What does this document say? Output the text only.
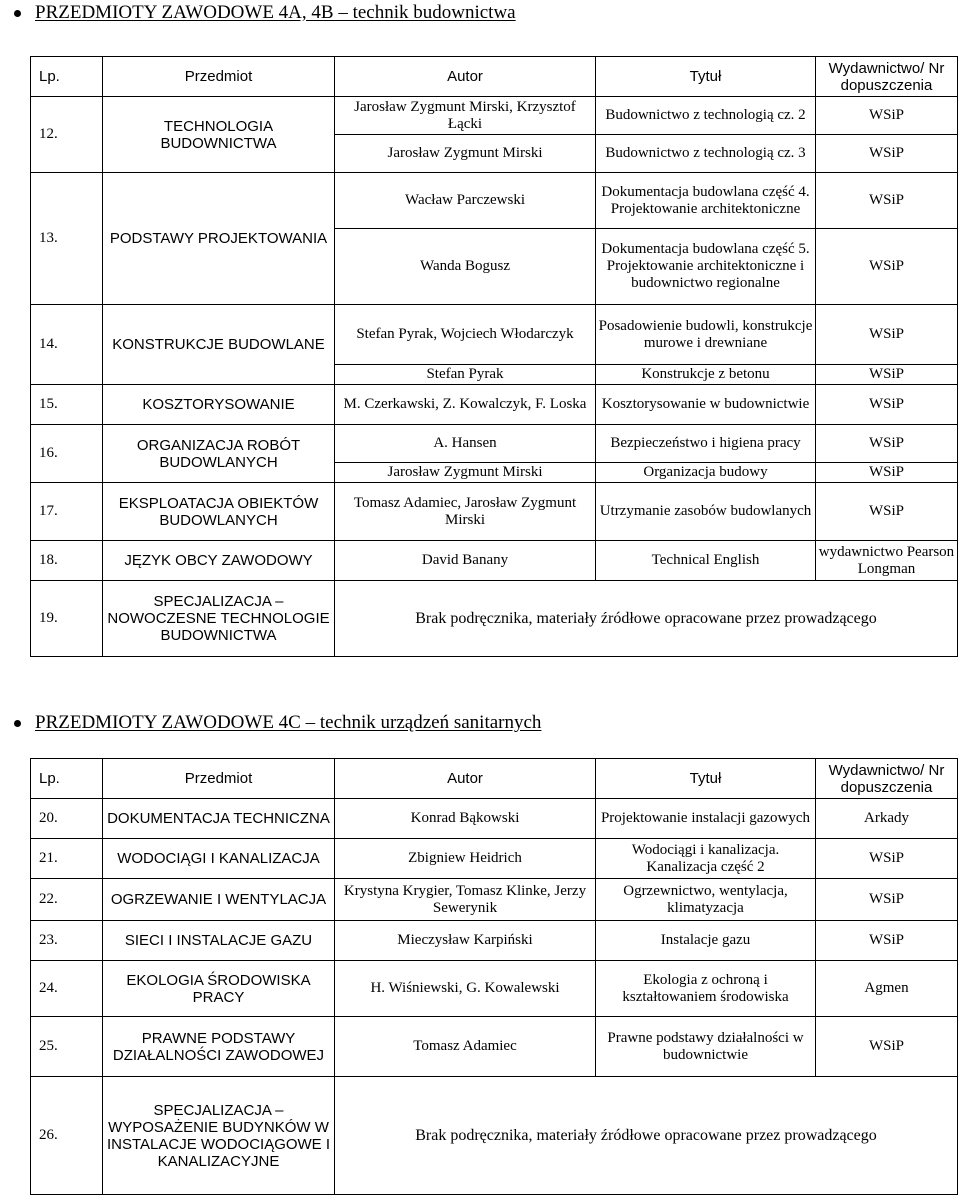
PRZEDMIOTY ZAWODOWE 4A, 4B – technik budownictwa
Lp.	Przedmiot	Autor	Tytuł	Wydawnictwo/ Nr dopuszczenia
12.	TECHNOLOGIA BUDOWNICTWA	Jarosław Zygmunt Mirski, Krzysztof Łącki	Budownictwo z technologią cz. 2	WSiP
		Jarosław Zygmunt Mirski	Budownictwo z technologią cz. 3	WSiP
13.	PODSTAWY PROJEKTOWANIA	Wacław Parczewski	Dokumentacja budowlana część 4. Projektowanie architektoniczne	WSiP
		Wanda Bogusz	Dokumentacja budowlana część 5. Projektowanie architektoniczne i budownictwo regionalne	WSiP
14.	KONSTRUKCJE BUDOWLANE	Stefan Pyrak, Wojciech Włodarczyk	Posadowienie budowli, konstrukcje murowe i drewniane	WSiP
		Stefan Pyrak	Konstrukcje z betonu	WSiP
15.	KOSZTORYSOWANIE	M. Czerkawski, Z. Kowalczyk, F. Loska	Kosztorysowanie w budownictwie	WSiP
16.	ORGANIZACJA ROBÓT BUDOWLANYCH	A. Hansen	Bezpieczeństwo i higiena pracy	WSiP
		Jarosław Zygmunt Mirski	Organizacja budowy	WSiP
17.	EKSPLOATACJA OBIEKTÓW BUDOWLANYCH	Tomasz Adamiec, Jarosław Zygmunt Mirski	Utrzymanie zasobów budowlanych	WSiP
18.	JĘZYK OBCY ZAWODOWY	David Banany	Technical English	wydawnictwo Pearson Longman
19.	SPECJALIZACJA – NOWOCZESNE TECHNOLOGIE BUDOWNICTWA	Brak podręcznika, materiały źródłowe opracowane przez prowadzącego		
PRZEDMIOTY ZAWODOWE 4C – technik urządzeń sanitarnych
Lp.	Przedmiot	Autor	Tytuł	Wydawnictwo/ Nr dopuszczenia
20.	DOKUMENTACJA TECHNICZNA	Konrad Bąkowski	Projektowanie instalacji gazowych	Arkady
21.	WODOCIĄGI I KANALIZACJA	Zbigniew Heidrich	Wodociągi i kanalizacja. Kanalizacja część 2	WSiP
22.	OGRZEWANIE I WENTYLACJA	Krystyna Krygier, Tomasz Klinke, Jerzy Sewerynik	Ogrzewnictwo, wentylacja, klimatyzacja	WSiP
23.	SIECI I INSTALACJE GAZU	Mieczysław Karpiński	Instalacje gazu	WSiP
24.	EKOLOGIA ŚRODOWISKA PRACY	H. Wiśniewski, G. Kowalewski	Ekologia z ochroną i kształtowaniem środowiska	Agmen
25.	PRAWNE PODSTAWY DZIAŁALNOŚCI ZAWODOWEJ	Tomasz Adamiec	Prawne podstawy działalności w budownictwie	WSiP
26.	SPECJALIZACJA – WYPOSAŻENIE BUDYNKÓW W INSTALACJE WODOCIĄGOWE I KANALIZACYJNE	Brak podręcznika, materiały źródłowe opracowane przez prowadzącego		
